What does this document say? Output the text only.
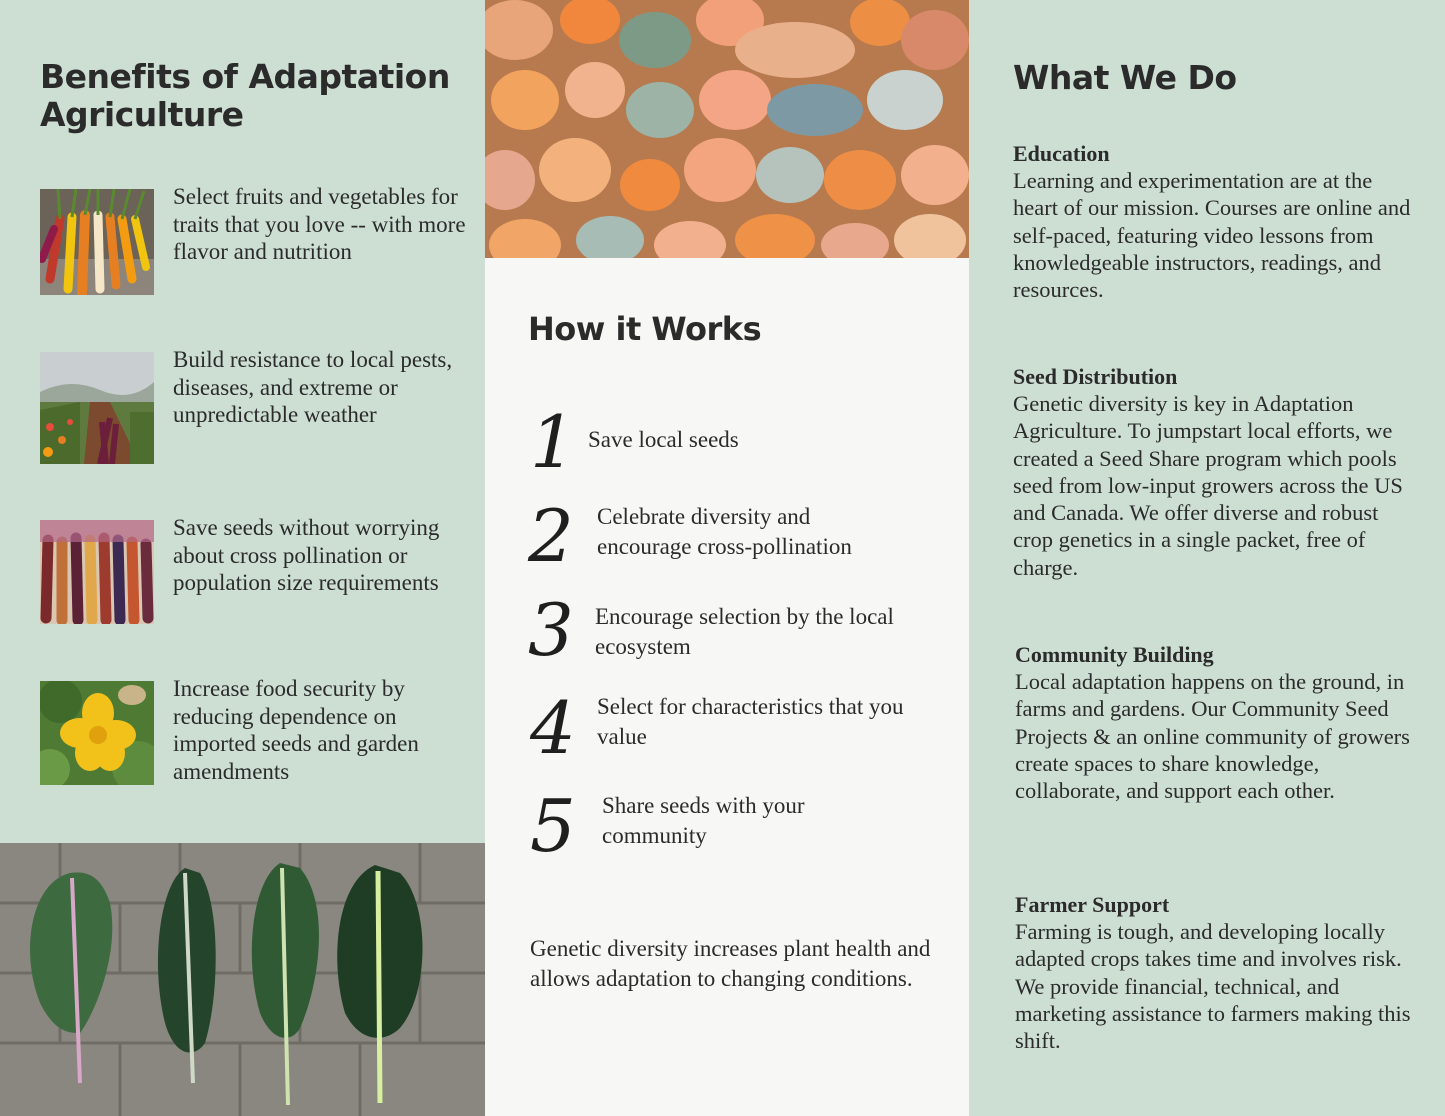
Benefits of Adaptation Agriculture

Select fruits and vegetables for traits that you love -- with more flavor and nutrition

Build resistance to local pests, diseases, and extreme or unpredictable weather

Save seeds without worrying about cross pollination or population size requirements

Increase food security by reducing dependence on imported seeds and garden amendments

How it Works
1 Save local seeds
2 Celebrate diversity and encourage cross-pollination
3 Encourage selection by the local ecosystem
4 Select for characteristics that you value
5 Share seeds with your community

Genetic diversity increases plant health and allows adaptation to changing conditions.

What We Do
Education

Learning and experimentation are at the heart of our mission. Courses are online and self-paced, featuring video lessons from knowledgeable instructors, readings, and resources.

Seed Distribution

Genetic diversity is key in Adaptation Agriculture. To jumpstart local efforts, we created a Seed Share program which pools seed from low-input growers across the US and Canada. We offer diverse and robust crop genetics in a single packet, free of charge.

Community Building

Local adaptation happens on the ground, in farms and gardens. Our Community Seed Projects & an online community of growers create spaces to share knowledge, collaborate, and support each other.

Farmer Support

Farming is tough, and developing locally adapted crops takes time and involves risk. We provide financial, technical, and marketing assistance to farmers making this shift.
